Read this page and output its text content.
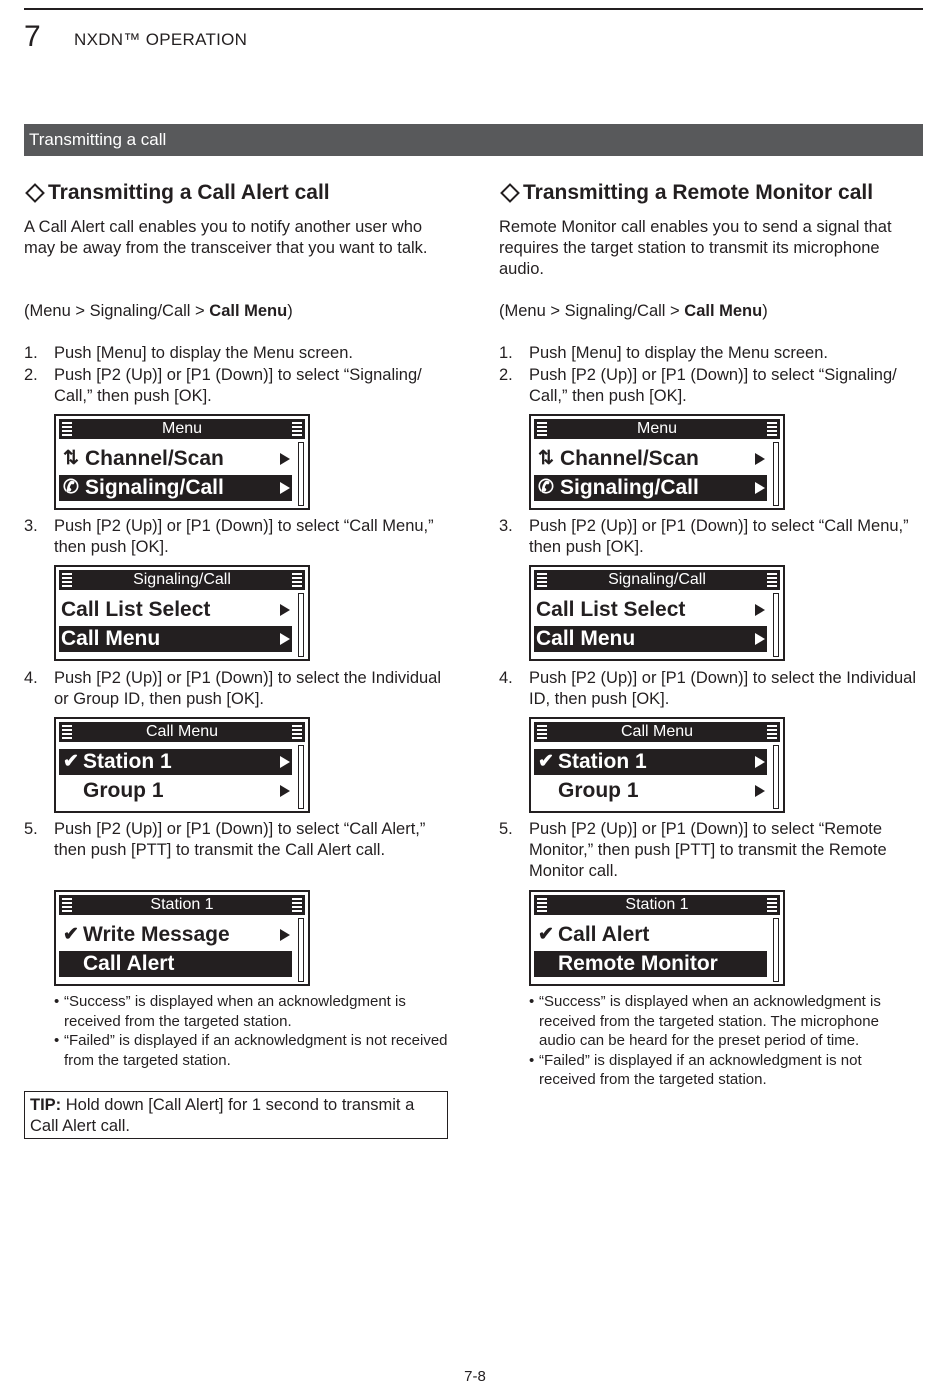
7 NXDN™ OPERATION
Transmitting a call
Transmitting a Call Alert call

A Call Alert call enables you to notify another user who may be away from the transceiver that you want to talk.

(Menu > Signaling/Call > Call Menu)

1. Push [Menu] to display the Menu screen.
2. Push [P2 (Up)] or [P1 (Down)] to select “Signaling/ Call,” then push [OK].
Menu
⇅ Channel/Scan
✆ Signaling/Call
3. Push [P2 (Up)] or [P1 (Down)] to select “Call Menu,” then push [OK].
Signaling/Call
Call List Select
Call Menu
4. Push [P2 (Up)] or [P1 (Down)] to select the Individual or Group ID, then push [OK].
Call Menu
✔ Station 1
Group 1
5. Push [P2 (Up)] or [P1 (Down)] to select “Call Alert,” then push [PTT] to transmit the Call Alert call.
Station 1
✔ Write Message
Call Alert
• “Success” is displayed when an acknowledgment is received from the targeted station.
• “Failed” is displayed if an acknowledgment is not received from the targeted station.
TIP: Hold down [Call Alert] for 1 second to transmit a Call Alert call.
Transmitting a Remote Monitor call

Remote Monitor call enables you to send a signal that requires the target station to transmit its microphone audio.

(Menu > Signaling/Call > Call Menu)

1. Push [Menu] to display the Menu screen.
2. Push [P2 (Up)] or [P1 (Down)] to select “Signaling/ Call,” then push [OK].
Menu
⇅ Channel/Scan
✆ Signaling/Call
3. Push [P2 (Up)] or [P1 (Down)] to select “Call Menu,” then push [OK].
Signaling/Call
Call List Select
Call Menu
4. Push [P2 (Up)] or [P1 (Down)] to select the Individual ID, then push [OK].
Call Menu
✔ Station 1
Group 1
5. Push [P2 (Up)] or [P1 (Down)] to select “Remote Monitor,” then push [PTT] to transmit the Remote Monitor call.
Station 1
✔ Call Alert
Remote Monitor
• “Success” is displayed when an acknowledgment is received from the targeted station. The microphone audio can be heard for the preset period of time.
• “Failed” is displayed if an acknowledgment is not received from the targeted station.
7-8
